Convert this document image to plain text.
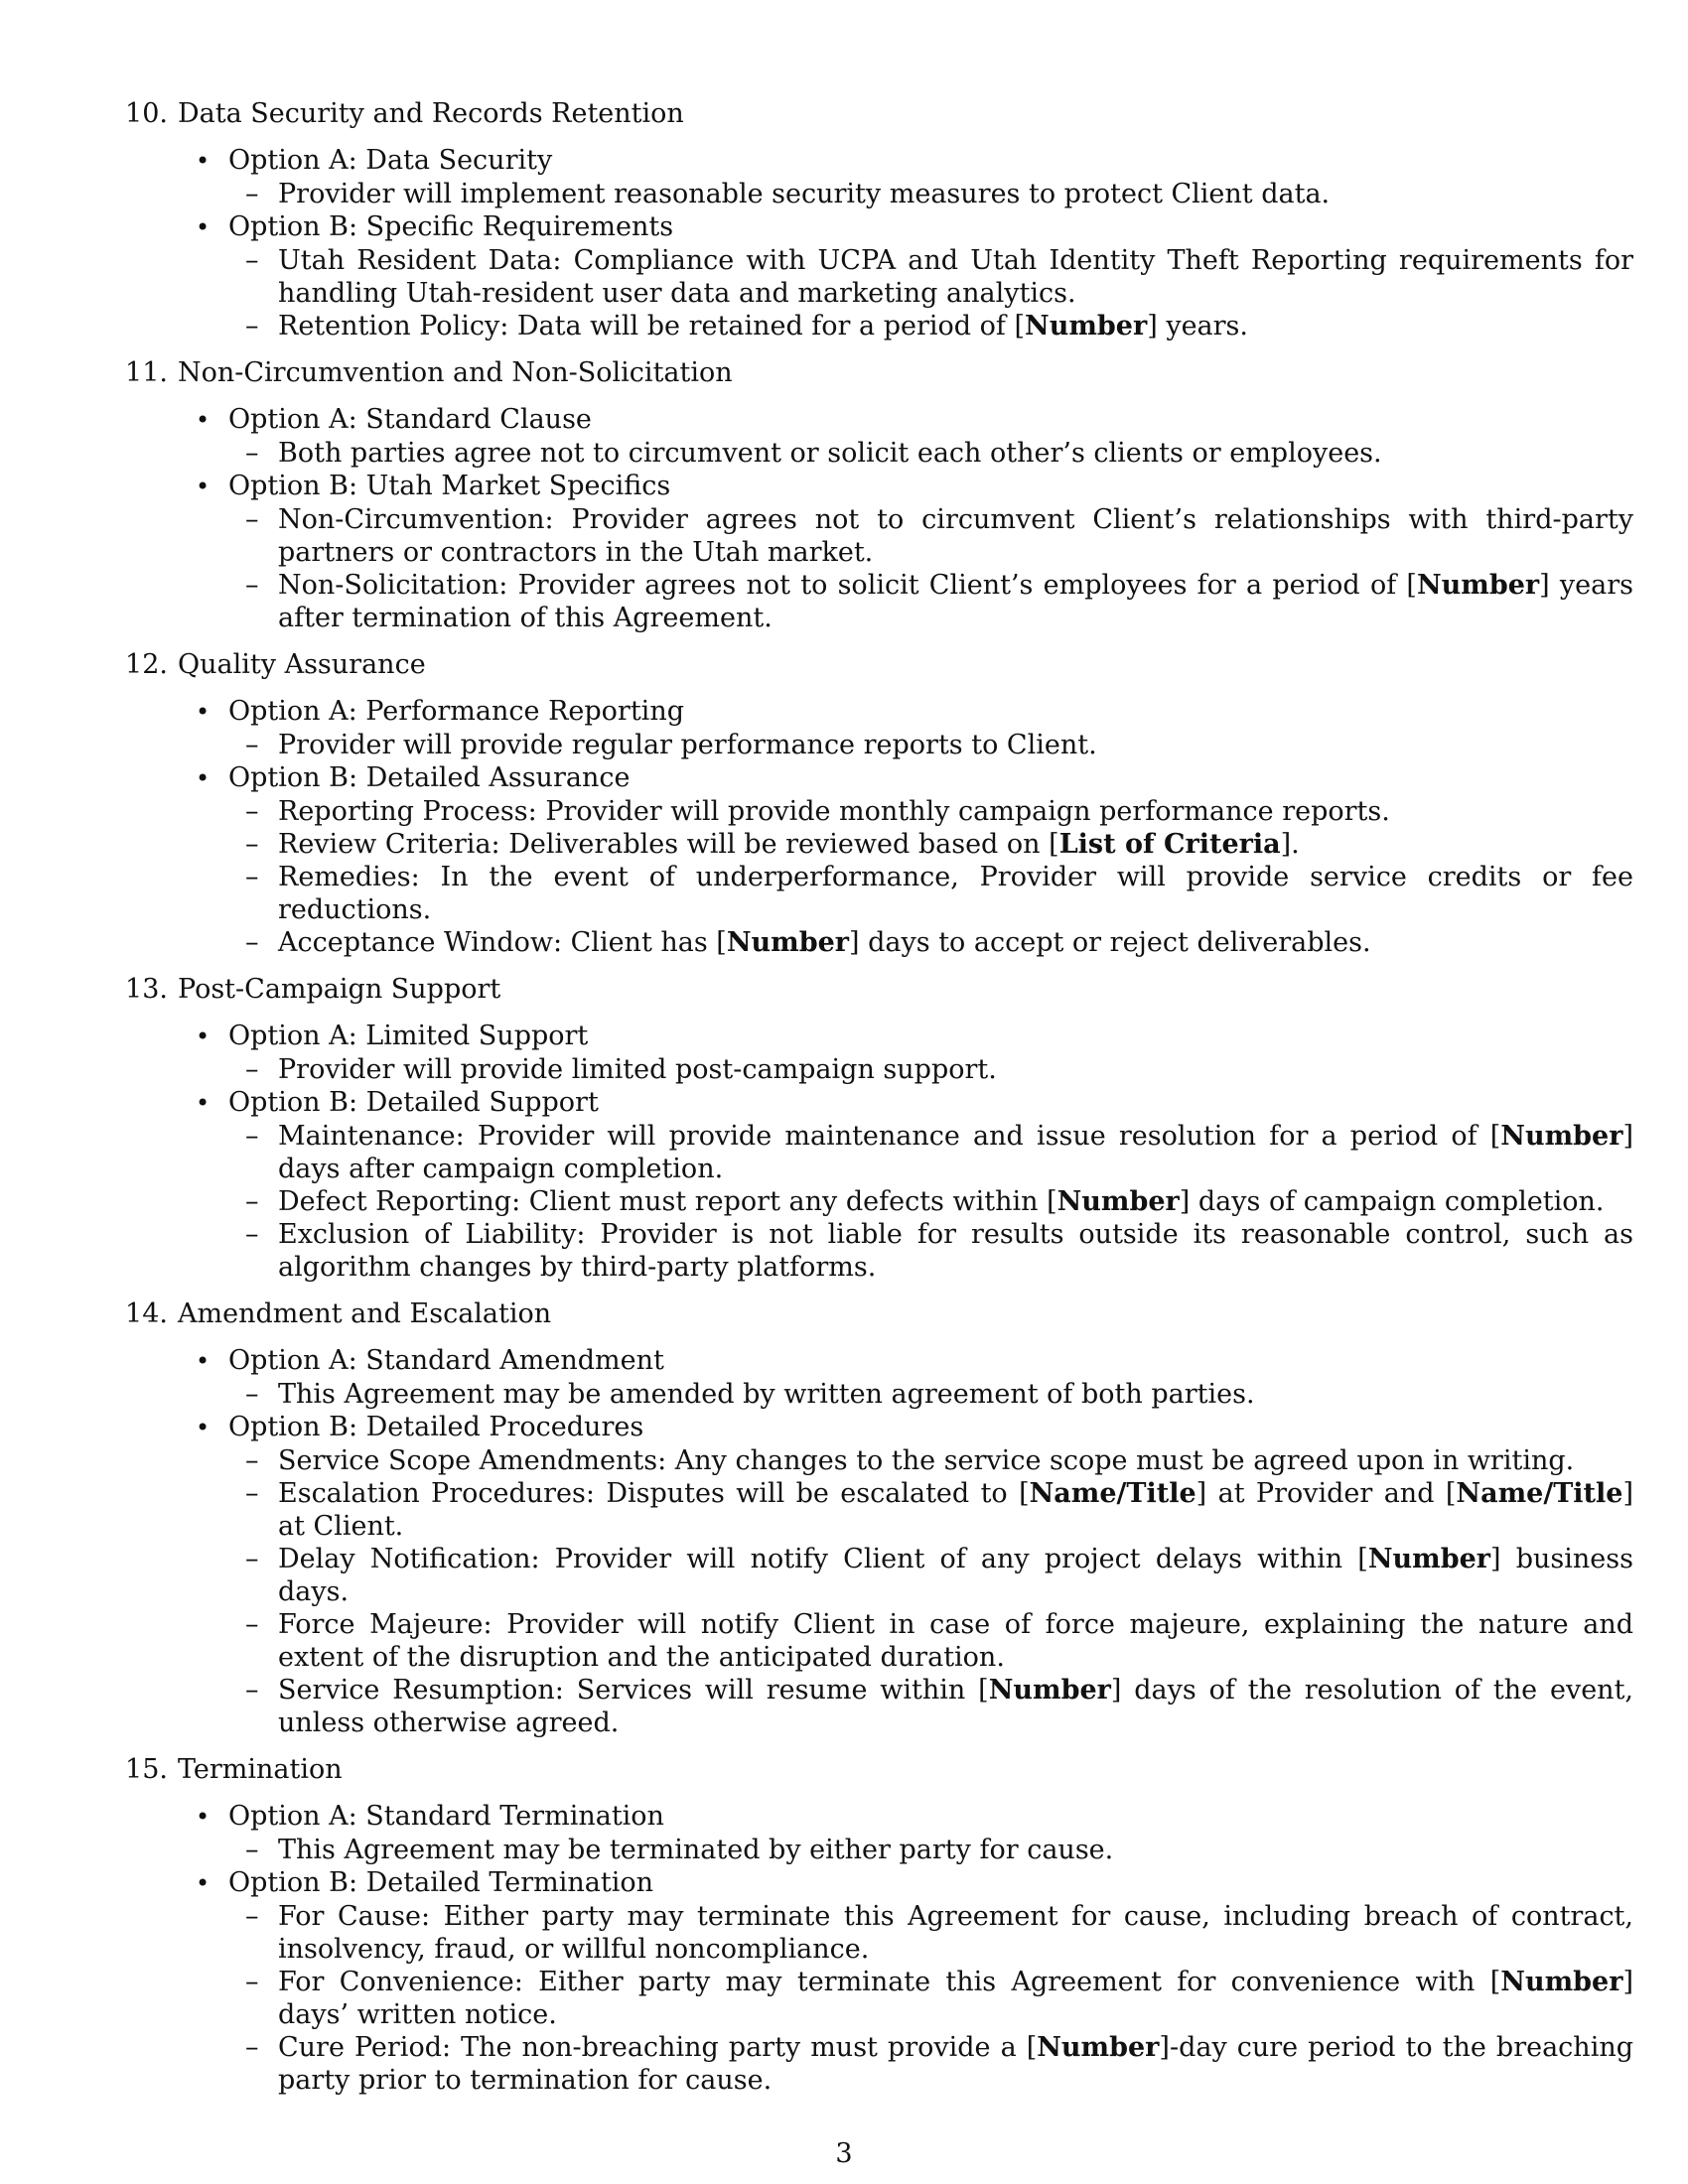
10. Data Security and Records Retention
• Option A: Data Security
– Provider will implement reasonable security measures to protect Client data.
• Option B: Specific Requirements
– Utah Resident Data: Compliance with UCPA and Utah Identity Theft Reporting requirements for handling Utah-resident user data and marketing analytics.
– Retention Policy: Data will be retained for a period of [Number] years.
11. Non-Circumvention and Non-Solicitation
• Option A: Standard Clause
– Both parties agree not to circumvent or solicit each other’s clients or employees.
• Option B: Utah Market Specifics
– Non-Circumvention: Provider agrees not to circumvent Client’s relationships with third-party partners or contractors in the Utah market.
– Non-Solicitation: Provider agrees not to solicit Client’s employees for a period of [Number] years after termination of this Agreement.
12. Quality Assurance
• Option A: Performance Reporting
– Provider will provide regular performance reports to Client.
• Option B: Detailed Assurance
– Reporting Process: Provider will provide monthly campaign performance reports.
– Review Criteria: Deliverables will be reviewed based on [List of Criteria].
– Remedies: In the event of underperformance, Provider will provide service credits or fee reductions.
– Acceptance Window: Client has [Number] days to accept or reject deliverables.
13. Post-Campaign Support
• Option A: Limited Support
– Provider will provide limited post-campaign support.
• Option B: Detailed Support
– Maintenance: Provider will provide maintenance and issue resolution for a period of [Number] days after campaign completion.
– Defect Reporting: Client must report any defects within [Number] days of campaign completion.
– Exclusion of Liability: Provider is not liable for results outside its reasonable control, such as algorithm changes by third-party platforms.
14. Amendment and Escalation
• Option A: Standard Amendment
– This Agreement may be amended by written agreement of both parties.
• Option B: Detailed Procedures
– Service Scope Amendments: Any changes to the service scope must be agreed upon in writing.
– Escalation Procedures: Disputes will be escalated to [Name/Title] at Provider and [Name/Title] at Client.
– Delay Notification: Provider will notify Client of any project delays within [Number] business days.
– Force Majeure: Provider will notify Client in case of force majeure, explaining the nature and extent of the disruption and the anticipated duration.
– Service Resumption: Services will resume within [Number] days of the resolution of the event, unless otherwise agreed.
15. Termination
• Option A: Standard Termination
– This Agreement may be terminated by either party for cause.
• Option B: Detailed Termination
– For Cause: Either party may terminate this Agreement for cause, including breach of contract, insolvency, fraud, or willful noncompliance.
– For Convenience: Either party may terminate this Agreement for convenience with [Number] days’ written notice.
– Cure Period: The non-breaching party must provide a [Number]-day cure period to the breaching party prior to termination for cause.
3
